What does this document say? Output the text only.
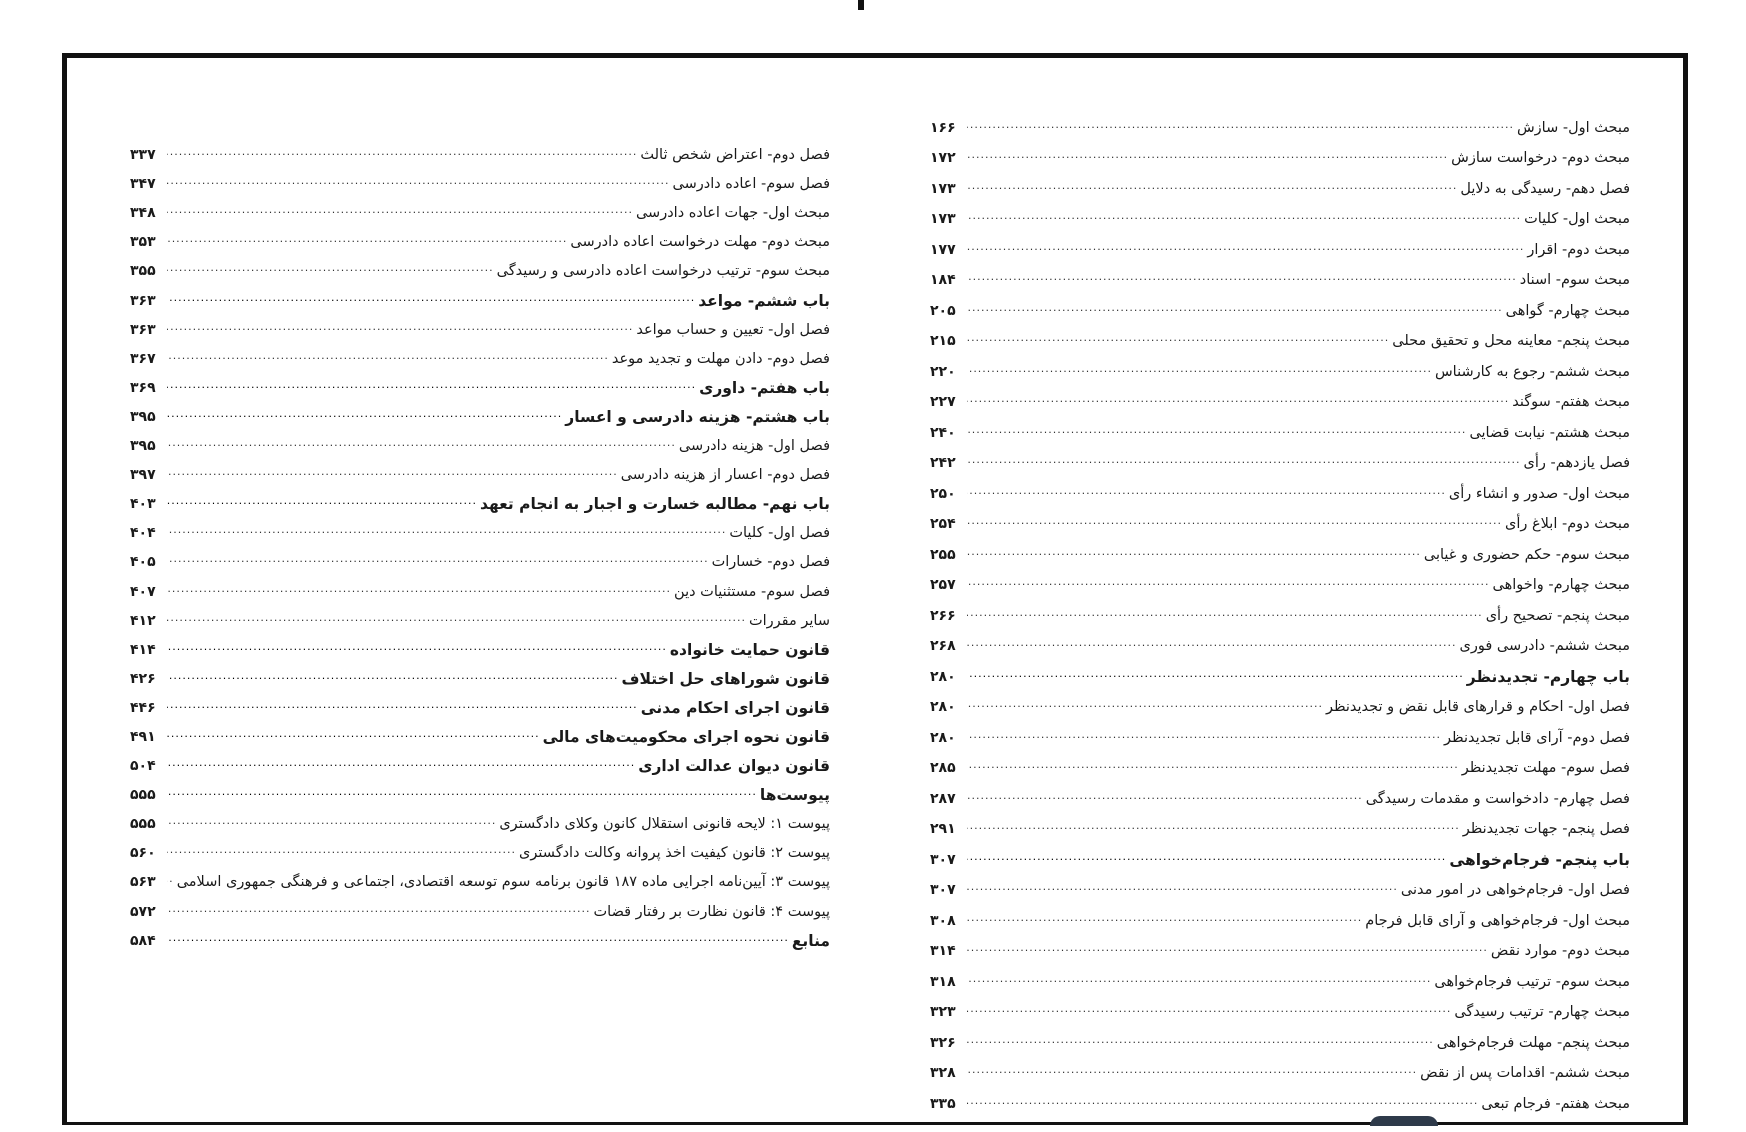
مبحث اول- سازش
.....
۱۶۶
مبحث دوم- درخواست سازش
.....
۱۷۲
فصل دهم- رسیدگی به دلایل
.....
۱۷۳
مبحث اول- کلیات
.....
۱۷۳
مبحث دوم- اقرار
.....
۱۷۷
مبحث سوم- اسناد
.....
۱۸۴
مبحث چهارم- گواهی
.....
۲۰۵
مبحث پنجم- معاینه محل و تحقیق محلی
.....
۲۱۵
مبحث ششم- رجوع به کارشناس
.....
۲۲۰
مبحث هفتم- سوگند
.....
۲۲۷
مبحث هشتم- نیابت قضایی
.....
۲۴۰
فصل یازدهم- رأی
.....
۲۴۲
مبحث اول- صدور و انشاء رأی
.....
۲۵۰
مبحث دوم- ابلاغ رأی
.....
۲۵۴
مبحث سوم- حکم حضوری و غیابی
.....
۲۵۵
مبحث چهارم- واخواهی
.....
۲۵۷
مبحث پنجم- تصحیح رأی
.....
۲۶۶
مبحث ششم- دادرسی فوری
.....
۲۶۸
باب چهارم- تجدیدنظر
.....
۲۸۰
فصل اول- احکام و قرارهای قابل نقض و تجدیدنظر
.....
۲۸۰
فصل دوم- آرای قابل تجدیدنظر
.....
۲۸۰
فصل سوم- مهلت تجدیدنظر
.....
۲۸۵
فصل چهارم- دادخواست و مقدمات رسیدگی
.....
۲۸۷
فصل پنجم- جهات تجدیدنظر
.....
۲۹۱
باب پنجم- فرجام‌خواهی
.....
۳۰۷
فصل اول- فرجام‌خواهی در امور مدنی
.....
۳۰۷
مبحث اول- فرجام‌خواهی و آرای قابل فرجام
.....
۳۰۸
مبحث دوم- موارد نقض
.....
۳۱۴
مبحث سوم- ترتیب فرجام‌خواهی
.....
۳۱۸
مبحث چهارم- ترتیب رسیدگی
.....
۳۲۳
مبحث پنجم- مهلت فرجام‌خواهی
.....
۳۲۶
مبحث ششم- اقدامات پس از نقض
.....
۳۲۸
مبحث هفتم- فرجام تبعی
.....
۳۳۵
فصل دوم- اعتراض شخص ثالث
.....
۳۳۷
فصل سوم- اعاده دادرسی
.....
۳۴۷
مبحث اول- جهات اعاده دادرسی
.....
۳۴۸
مبحث دوم- مهلت درخواست اعاده دادرسی
.....
۳۵۳
مبحث سوم- ترتیب درخواست اعاده دادرسی و رسیدگی
.....
۳۵۵
باب ششم- مواعد
.....
۳۶۳
فصل اول- تعیین و حساب مواعد
.....
۳۶۳
فصل دوم- دادن مهلت و تجدید موعد
.....
۳۶۷
باب هفتم- داوری
.....
۳۶۹
باب هشتم- هزینه دادرسی و اعسار
.....
۳۹۵
فصل اول- هزینه دادرسی
.....
۳۹۵
فصل دوم- اعسار از هزینه دادرسی
.....
۳۹۷
باب نهم- مطالبه خسارت و اجبار به انجام تعهد
.....
۴۰۳
فصل اول- کلیات
.....
۴۰۴
فصل دوم- خسارات
.....
۴۰۵
فصل سوم- مستثنیات دین
.....
۴۰۷
سایر مقررات
.....
۴۱۲
قانون حمایت خانواده
.....
۴۱۴
قانون شوراهای حل اختلاف
.....
۴۲۶
قانون اجرای احکام مدنی
.....
۴۴۶
قانون نحوه اجرای محکومیت‌های مالی
.....
۴۹۱
قانون دیوان عدالت اداری
.....
۵۰۴
پیوست‌ها
.....
۵۵۵
پیوست ۱: لایحه قانونی استقلال کانون وکلای دادگستری
.....
۵۵۵
پیوست ۲: قانون کیفیت اخذ پروانه وکالت دادگستری
.....
۵۶۰
پیوست ۳: آیین‌نامه اجرایی ماده ۱۸۷ قانون برنامه سوم توسعه اقتصادی، اجتماعی و فرهنگی جمهوری اسلامی
.....
۵۶۳
پیوست ۴: قانون نظارت بر رفتار قضات
.....
۵۷۲
منابع
.....
۵۸۴
